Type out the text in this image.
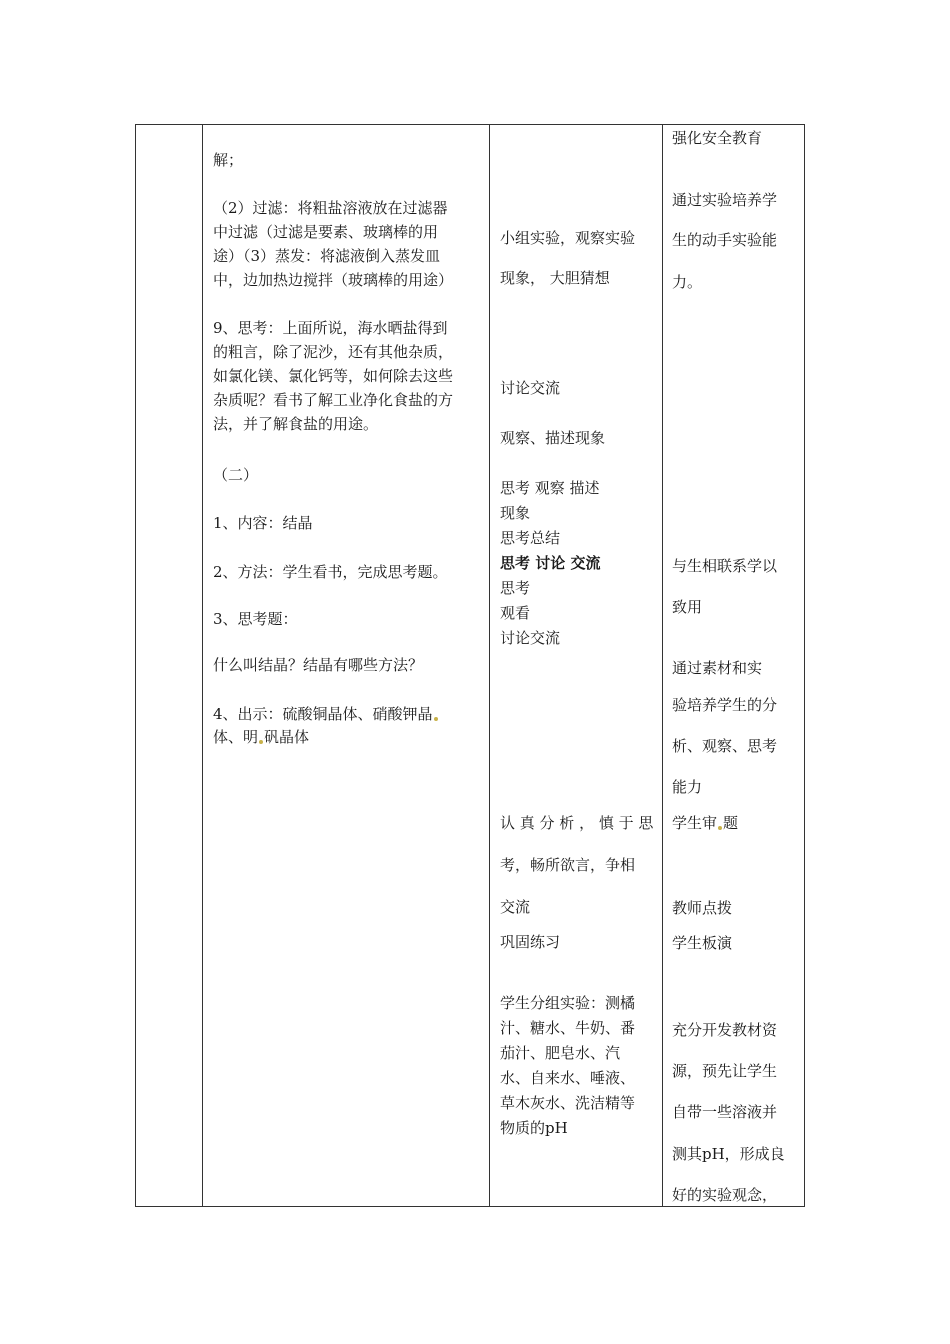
解；
（2）过滤：将粗盐溶液放在过滤器
中过滤（过滤是要素、玻璃棒的用
途）（3）蒸发：将滤液倒入蒸发皿
中，边加热边搅拌（玻璃棒的用途）
9、思考：上面所说，海水晒盐得到
的粗言，除了泥沙，还有其他杂质，
如氯化镁、氯化钙等，如何除去这些
杂质呢？看书了解工业净化食盐的方
法，并了解食盐的用途。
（二）
1、内容：结晶
2、方法：学生看书，完成思考题。
3、思考题：
什么叫结晶？结晶有哪些方法？
4、出示：硫酸铜晶体、硝酸钾晶
体、明 矾晶体
小组实验，观察实验
现象， 大胆猜想
讨论交流
观察、描述现象
思考 观察 描述
现象
思考总结
思考 讨论 交流
思考
观看
讨论交流
认 真 分 析 ， 慎 于 思
考，畅所欲言，争相
交流
巩固练习
学生分组实验：测橘
汁、糖水、牛奶、番
茄汁、肥皂水、汽
水、自来水、唾液、
草木灰水、洗洁精等
物质的pH
强化安全教育
通过实验培养学
生的动手实验能
力。
与生相联系学以
致用
通过素材和实
验培养学生的分
析、观察、思考
能力
学生审 题
教师点拨
学生板演
充分开发教材资
源，预先让学生
自带一些溶液并
测其pH，形成良
好的实验观念，
